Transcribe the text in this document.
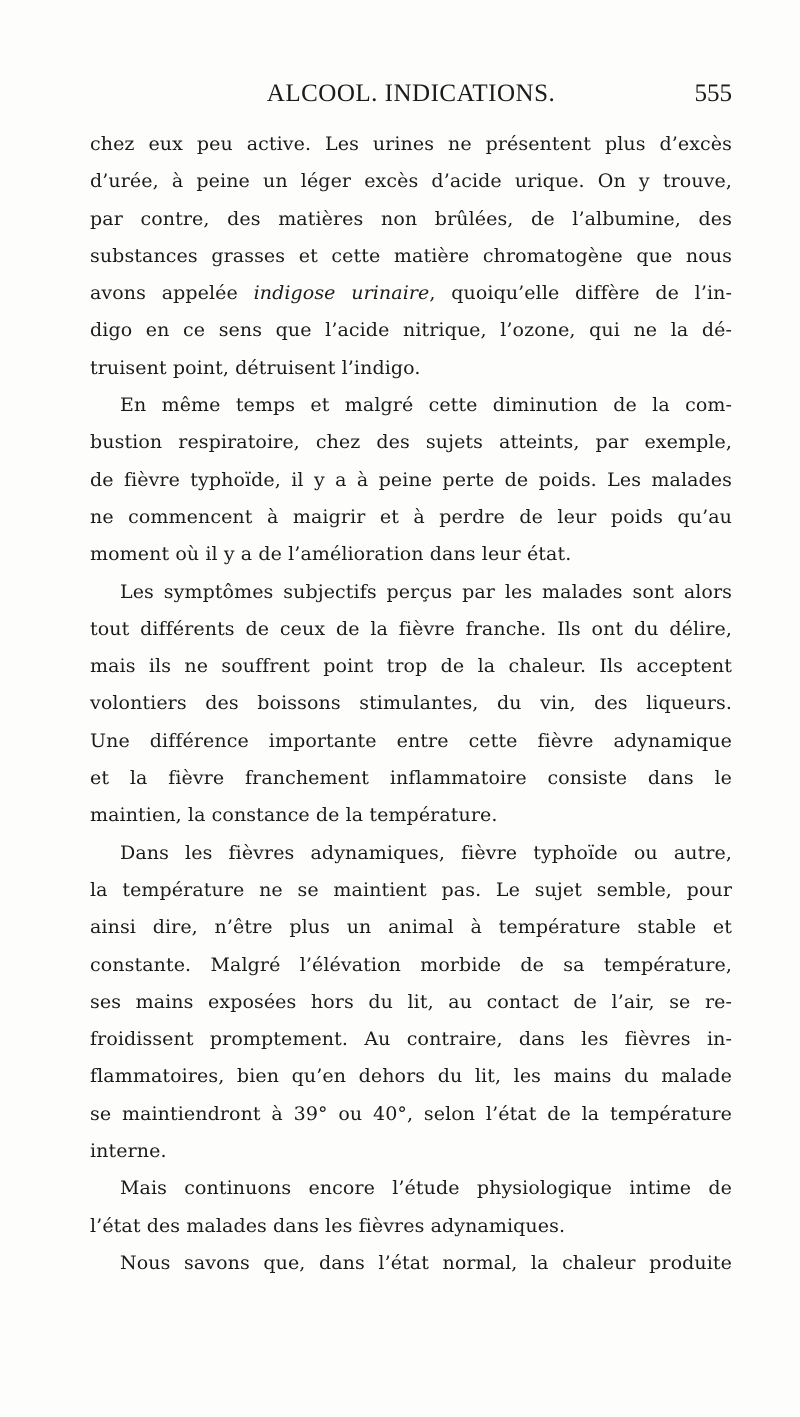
ALCOOL. INDICATIONS.	555
chez eux peu active. Les urines ne présentent plus d’excès
d’urée, à peine un léger excès d’acide urique. On y trouve,
par contre, des matières non brûlées, de l’albumine, des
substances grasses et cette matière chromatogène que nous
avons appelée indigose urinaire, quoiqu’elle diffère de l’in-
digo en ce sens que l’acide nitrique, l’ozone, qui ne la dé-
truisent point, détruisent l’indigo.
En même temps et malgré cette diminution de la com-
bustion respiratoire, chez des sujets atteints, par exemple,
de fièvre typhoïde, il y a à peine perte de poids. Les malades
ne commencent à maigrir et à perdre de leur poids qu’au
moment où il y a de l’amélioration dans leur état.
Les symptômes subjectifs perçus par les malades sont alors
tout différents de ceux de la fièvre franche. Ils ont du délire,
mais ils ne souffrent point trop de la chaleur. Ils acceptent
volontiers des boissons stimulantes, du vin, des liqueurs.
Une différence importante entre cette fièvre adynamique
et la fièvre franchement inflammatoire consiste dans le
maintien, la constance de la température.
Dans les fièvres adynamiques, fièvre typhoïde ou autre,
la température ne se maintient pas. Le sujet semble, pour
ainsi dire, n’être plus un animal à température stable et
constante. Malgré l’élévation morbide de sa température,
ses mains exposées hors du lit, au contact de l’air, se re-
froidissent promptement. Au contraire, dans les fièvres in-
flammatoires, bien qu’en dehors du lit, les mains du malade
se maintiendront à 39° ou 40°, selon l’état de la température
interne.
Mais continuons encore l’étude physiologique intime de
l’état des malades dans les fièvres adynamiques.
Nous savons que, dans l’état normal, la chaleur produite
